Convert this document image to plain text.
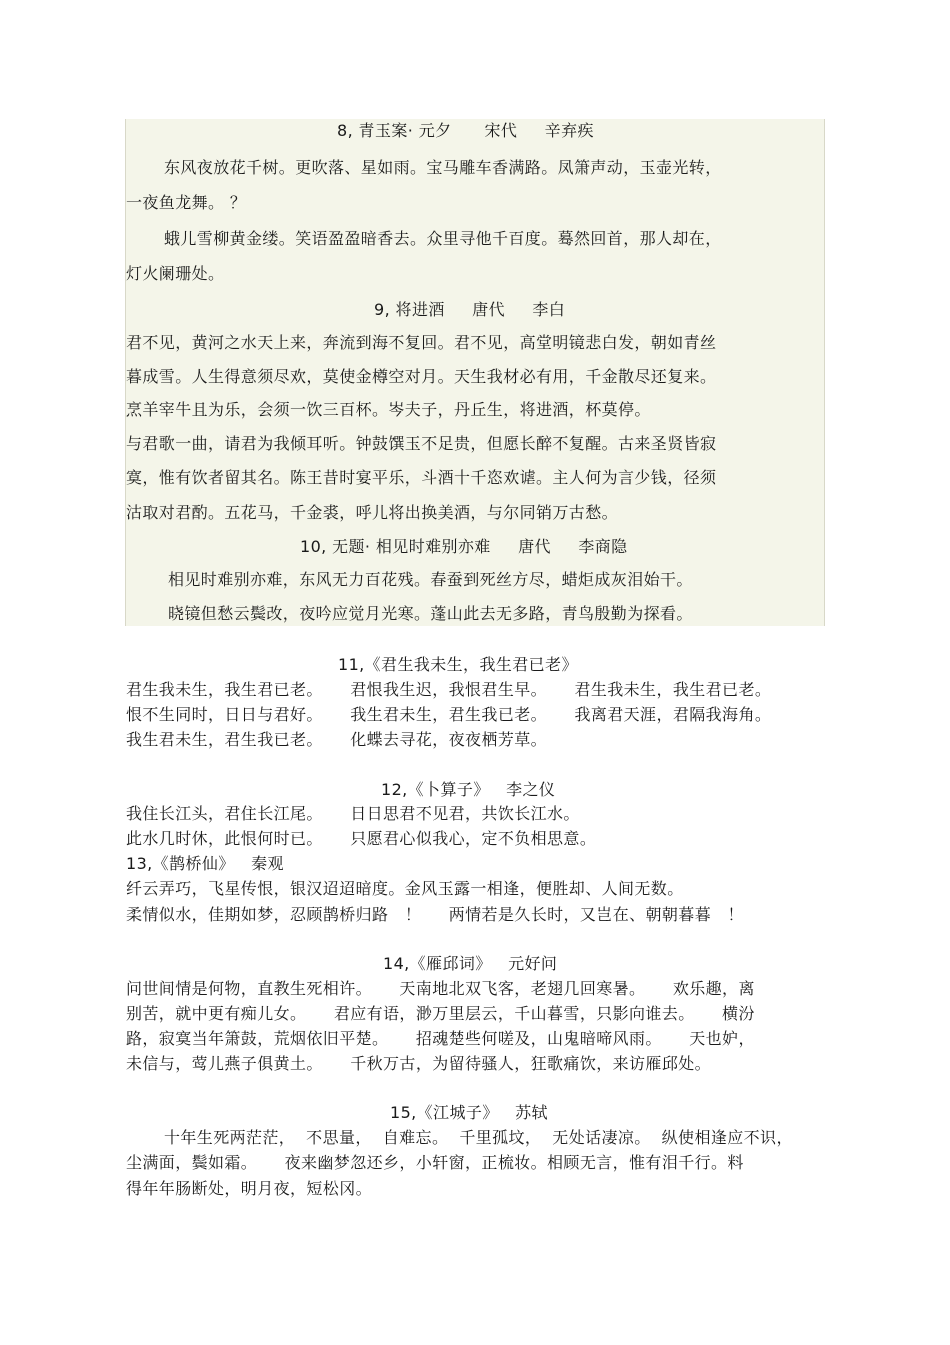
8, 青玉案· 元夕      宋代     辛弃疾
东风夜放花千树。更吹落、星如雨。宝马雕车香满路。凤箫声动，玉壶光转，
一夜鱼龙舞。 ？
蛾儿雪柳黄金缕。笑语盈盈暗香去。众里寻他千百度。蓦然回首，那人却在，
灯火阑珊处。
9, 将进酒     唐代     李白
君不见，黄河之水天上来，奔流到海不复回。君不见，高堂明镜悲白发，朝如青丝
暮成雪。人生得意须尽欢，莫使金樽空对月。天生我材必有用，千金散尽还复来。
烹羊宰牛且为乐，会须一饮三百杯。岑夫子，丹丘生，将进酒，杯莫停。
与君歌一曲，请君为我倾耳听。钟鼓馔玉不足贵，但愿长醉不复醒。古来圣贤皆寂
寞，惟有饮者留其名。陈王昔时宴平乐，斗酒十千恣欢谑。主人何为言少钱，径须
沽取对君酌。五花马，千金裘，呼儿将出换美酒，与尔同销万古愁。
10, 无题· 相见时难别亦难     唐代     李商隐
相见时难别亦难，东风无力百花残。春蚕到死丝方尽，蜡炬成灰泪始干。
晓镜但愁云鬓改，夜吟应觉月光寒。蓬山此去无多路，青鸟殷勤为探看。
11,《君生我未生，我生君已老》
君生我未生，我生君已老。     君恨我生迟，我恨君生早。     君生我未生，我生君已老。
恨不生同时，日日与君好。     我生君未生，君生我已老。     我离君天涯，君隔我海角。
我生君未生，君生我已老。     化蝶去寻花，夜夜栖芳草。
12,《卜算子》   李之仪
我住长江头，君住长江尾。     日日思君不见君，共饮长江水。
此水几时休，此恨何时已。     只愿君心似我心，定不负相思意。
13,《鹊桥仙》   秦观
纤云弄巧，飞星传恨，银汉迢迢暗度。金风玉露一相逢，便胜却、人间无数。
柔情似水，佳期如梦，忍顾鹊桥归路   ！     两情若是久长时，又岂在、朝朝暮暮   ！
14,《雁邱词》   元好问
问世间情是何物，直教生死相许。     天南地北双飞客，老翅几回寒暑。     欢乐趣，离
别苦，就中更有痴儿女。     君应有语，渺万里层云，千山暮雪，只影向谁去。     横汾
路，寂寞当年箫鼓，荒烟依旧平楚。     招魂楚些何嗟及，山鬼暗啼风雨。     天也妒，
未信与，莺儿燕子俱黄土。     千秋万古，为留待骚人，狂歌痛饮，来访雁邱处。
15,《江城子》   苏轼
十年生死两茫茫，  不思量，  自难忘。  千里孤坟，  无处话凄凉。  纵使相逢应不识，
尘满面，鬓如霜。     夜来幽梦忽还乡，小轩窗，正梳妆。相顾无言，惟有泪千行。料
得年年肠断处，明月夜，短松冈。
